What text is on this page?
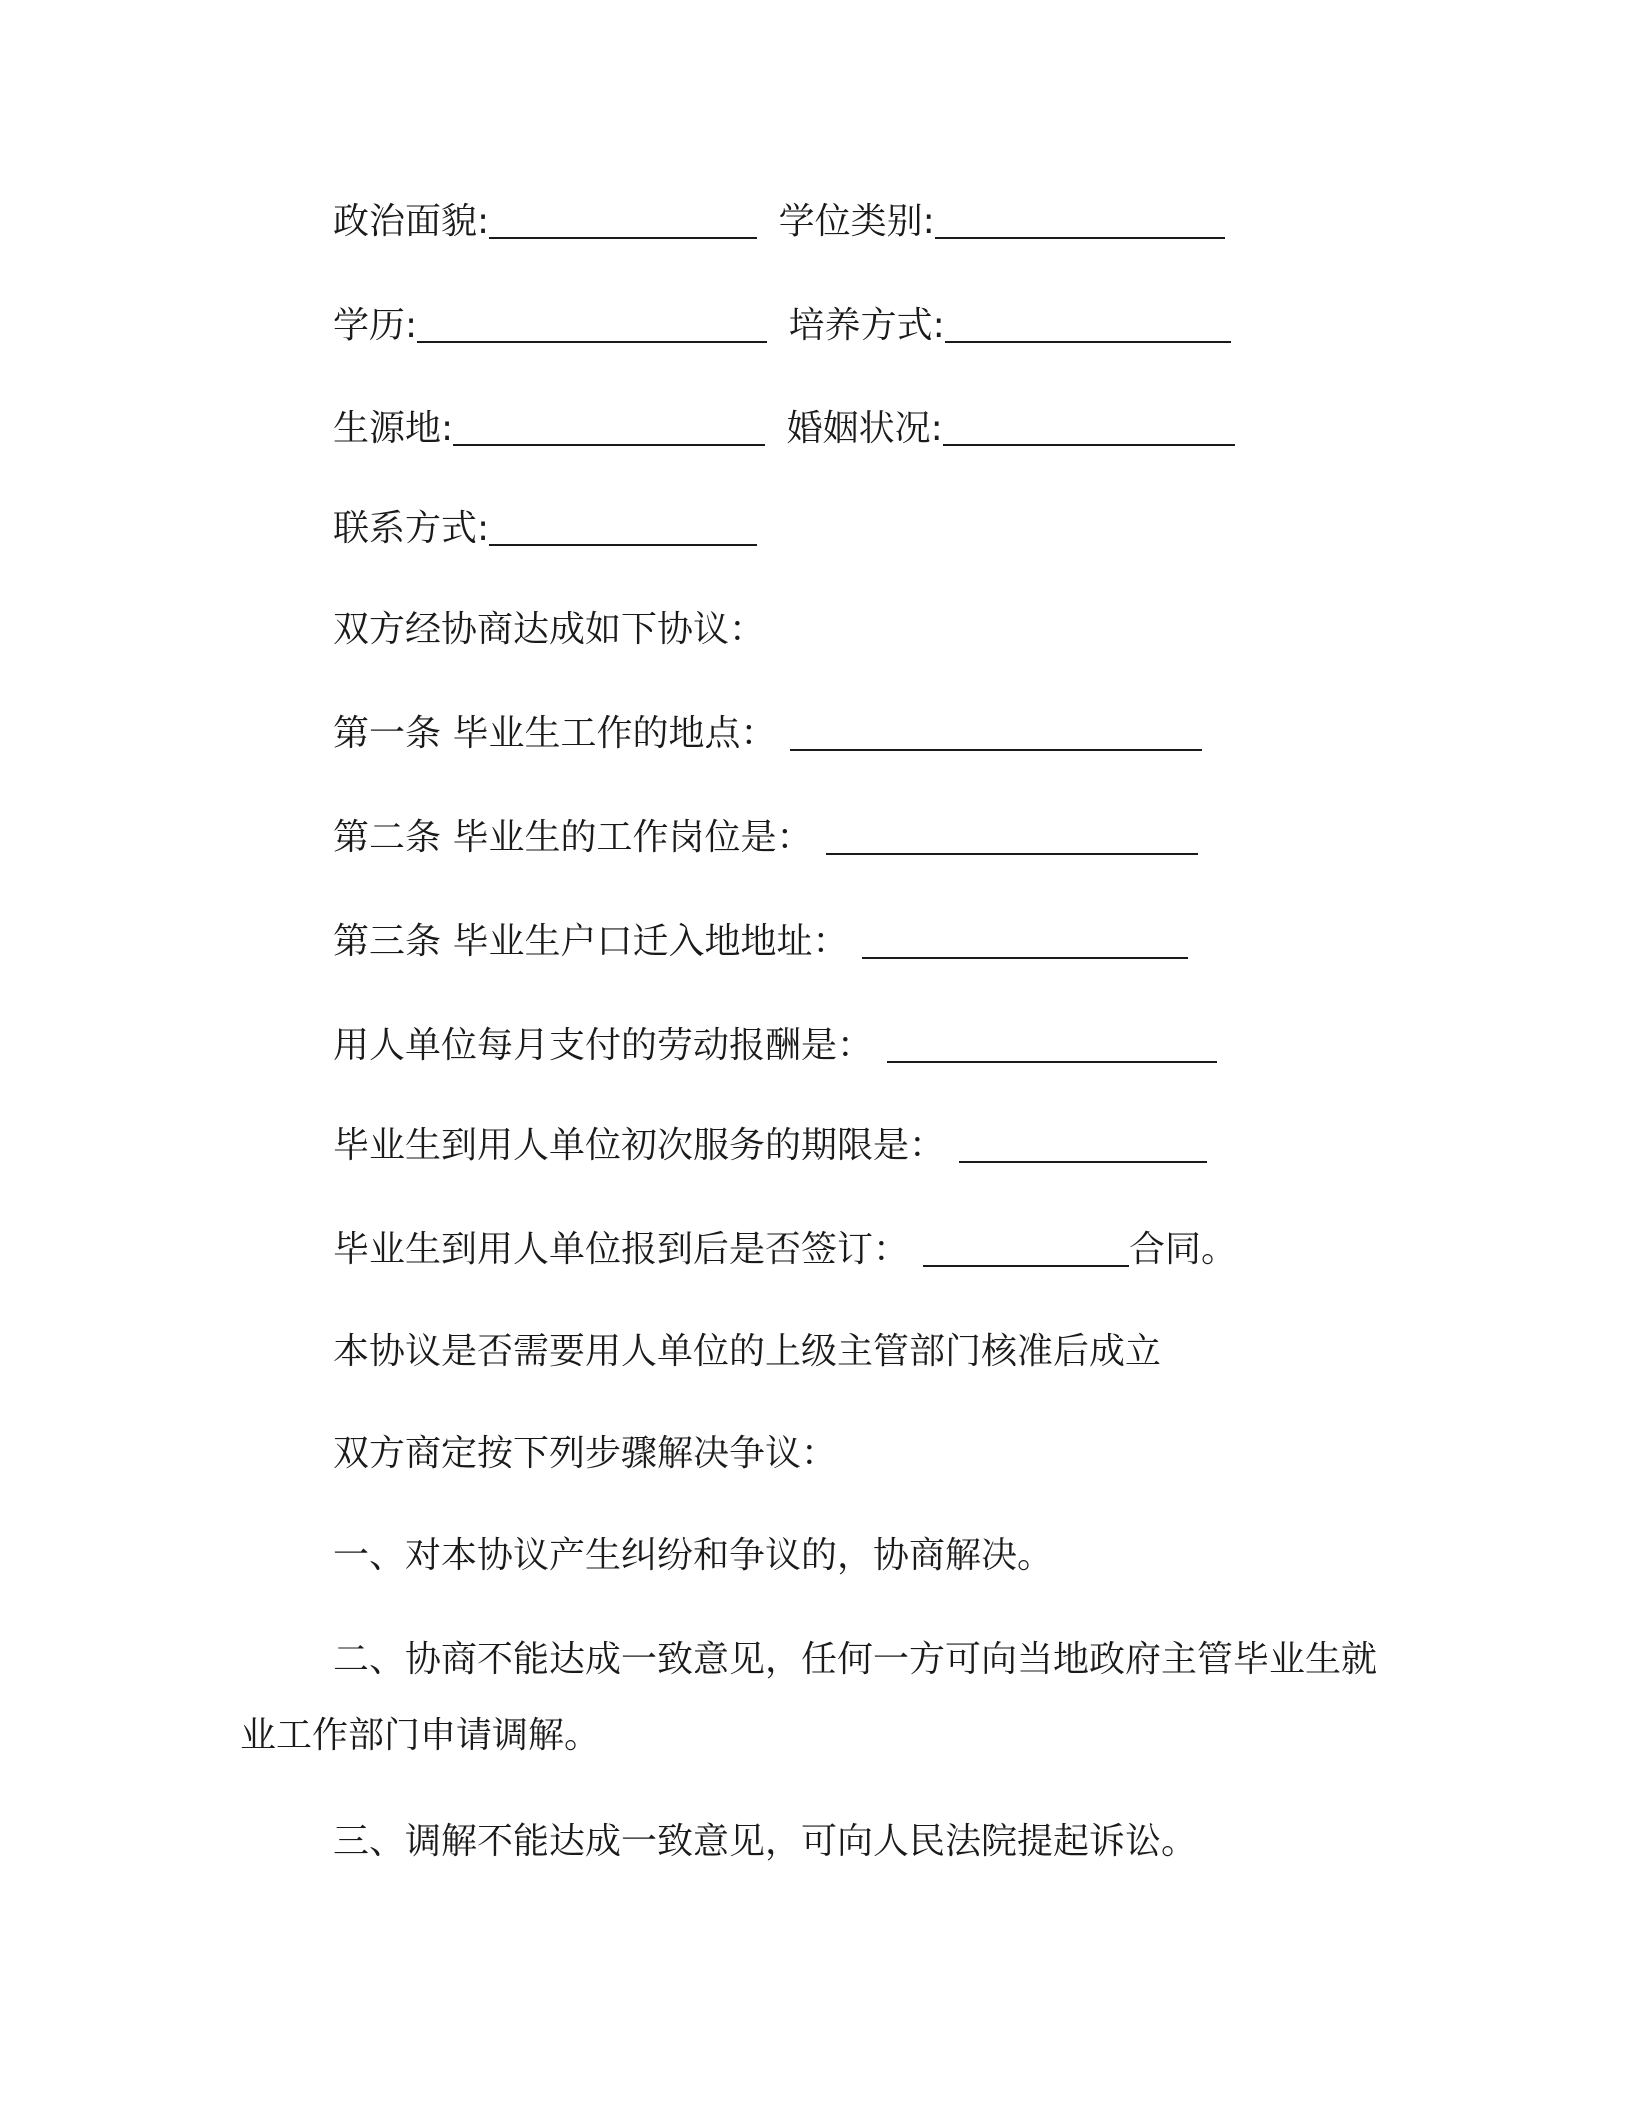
政治面貌:	学位类别:
学历:	培养方式:
生源地:	婚姻状况:
联系方式:
双方经协商达成如下协议：
第一条 毕业生工作的地点：
第二条 毕业生的工作岗位是：
第三条 毕业生户口迁入地地址：
用人单位每月支付的劳动报酬是：
毕业生到用人单位初次服务的期限是：
毕业生到用人单位报到后是否签订：	合同。
本协议是否需要用人单位的上级主管部门核准后成立
双方商定按下列步骤解决争议：
一、对本协议产生纠纷和争议的，协商解决。
二、协商不能达成一致意见，任何一方可向当地政府主管毕业生就业工作部门申请调解。
三、调解不能达成一致意见，可向人民法院提起诉讼。
